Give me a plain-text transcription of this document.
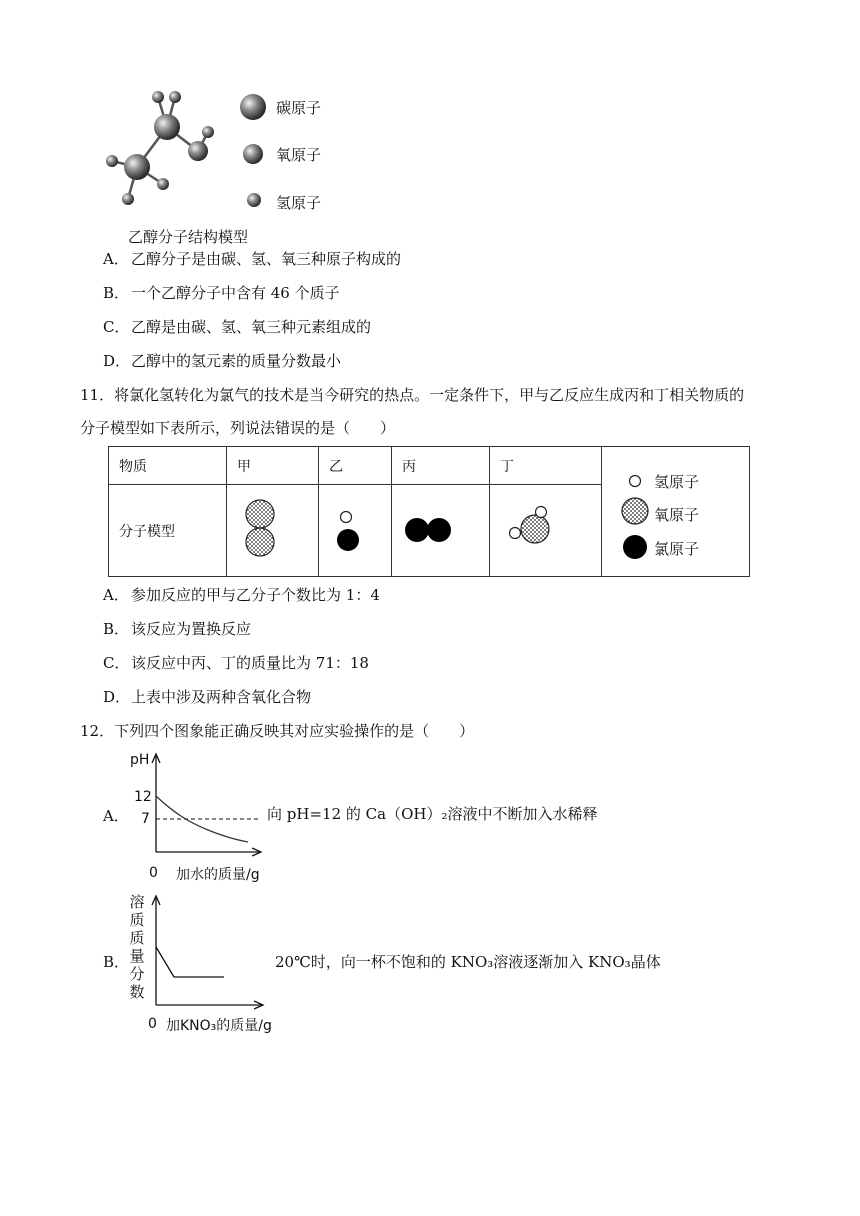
碳原子
氧原子
氢原子
乙醇分子结构模型
A． 乙醇分子是由碳、氢、氧三种原子构成的
B． 一个乙醇分子中含有 46 个质子
C． 乙醇是由碳、氢、氧三种元素组成的
D． 乙醇中的氢元素的质量分数最小
11．将氯化氢转化为氯气的技术是当今研究的热点。一定条件下，甲与乙反应生成丙和丁相关物质的
分子模型如下表所示，列说法错误的是（　　）
物质	甲	乙	丙	丁	氢原子
氧原子
氯原子

分子模型	

A． 参加反应的甲与乙分子个数比为 1：4
B． 该反应为置换反应
C． 该反应中丙、丁的质量比为 71：18
D． 上表中涉及两种含氧化合物
12．下列四个图象能正确反映其对应实验操作的是（　　）
A．
pH
12
7
0 加水的质量/g
向 pH=12 的 Ca（OH）₂溶液中不断加入水稀释
B．
溶
质
质
量
分
数
0 加KNO₃的质量/g
20℃时，向一杯不饱和的 KNO₃溶液逐渐加入 KNO₃晶体
